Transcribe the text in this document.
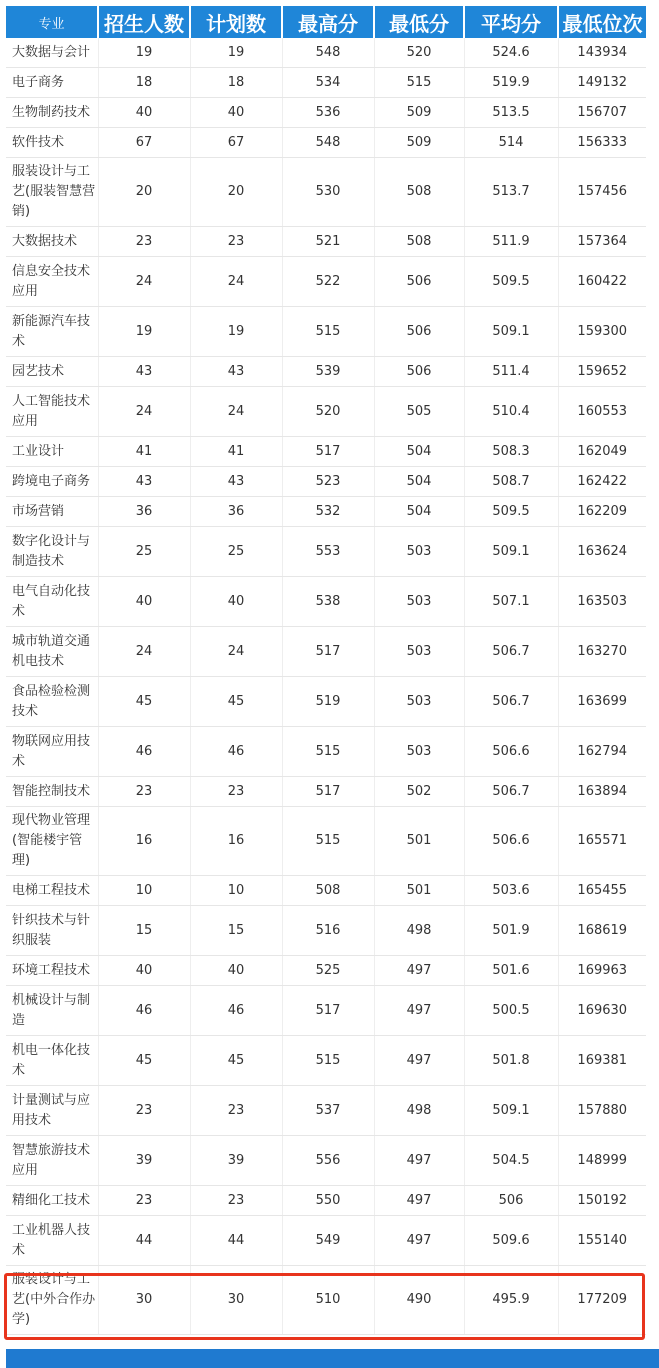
专业	招生人数	计划数	最高分	最低分	平均分	最低位次
大数据与会计	19	19	548	520	524.6	143934
电子商务	18	18	534	515	519.9	149132
生物制药技术	40	40	536	509	513.5	156707
软件技术	67	67	548	509	514	156333
服装设计与工艺(服装智慧营销)	20	20	530	508	513.7	157456
大数据技术	23	23	521	508	511.9	157364
信息安全技术应用	24	24	522	506	509.5	160422
新能源汽车技术	19	19	515	506	509.1	159300
园艺技术	43	43	539	506	511.4	159652
人工智能技术应用	24	24	520	505	510.4	160553
工业设计	41	41	517	504	508.3	162049
跨境电子商务	43	43	523	504	508.7	162422
市场营销	36	36	532	504	509.5	162209
数字化设计与制造技术	25	25	553	503	509.1	163624
电气自动化技术	40	40	538	503	507.1	163503
城市轨道交通机电技术	24	24	517	503	506.7	163270
食品检验检测技术	45	45	519	503	506.7	163699
物联网应用技术	46	46	515	503	506.6	162794
智能控制技术	23	23	517	502	506.7	163894
现代物业管理(智能楼宇管理)	16	16	515	501	506.6	165571
电梯工程技术	10	10	508	501	503.6	165455
针织技术与针织服装	15	15	516	498	501.9	168619
环境工程技术	40	40	525	497	501.6	169963
机械设计与制造	46	46	517	497	500.5	169630
机电一体化技术	45	45	515	497	501.8	169381
计量测试与应用技术	23	23	537	498	509.1	157880
智慧旅游技术应用	39	39	556	497	504.5	148999
精细化工技术	23	23	550	497	506	150192
工业机器人技术	44	44	549	497	509.6	155140
服装设计与工艺(中外合作办学)	30	30	510	490	495.9	177209
